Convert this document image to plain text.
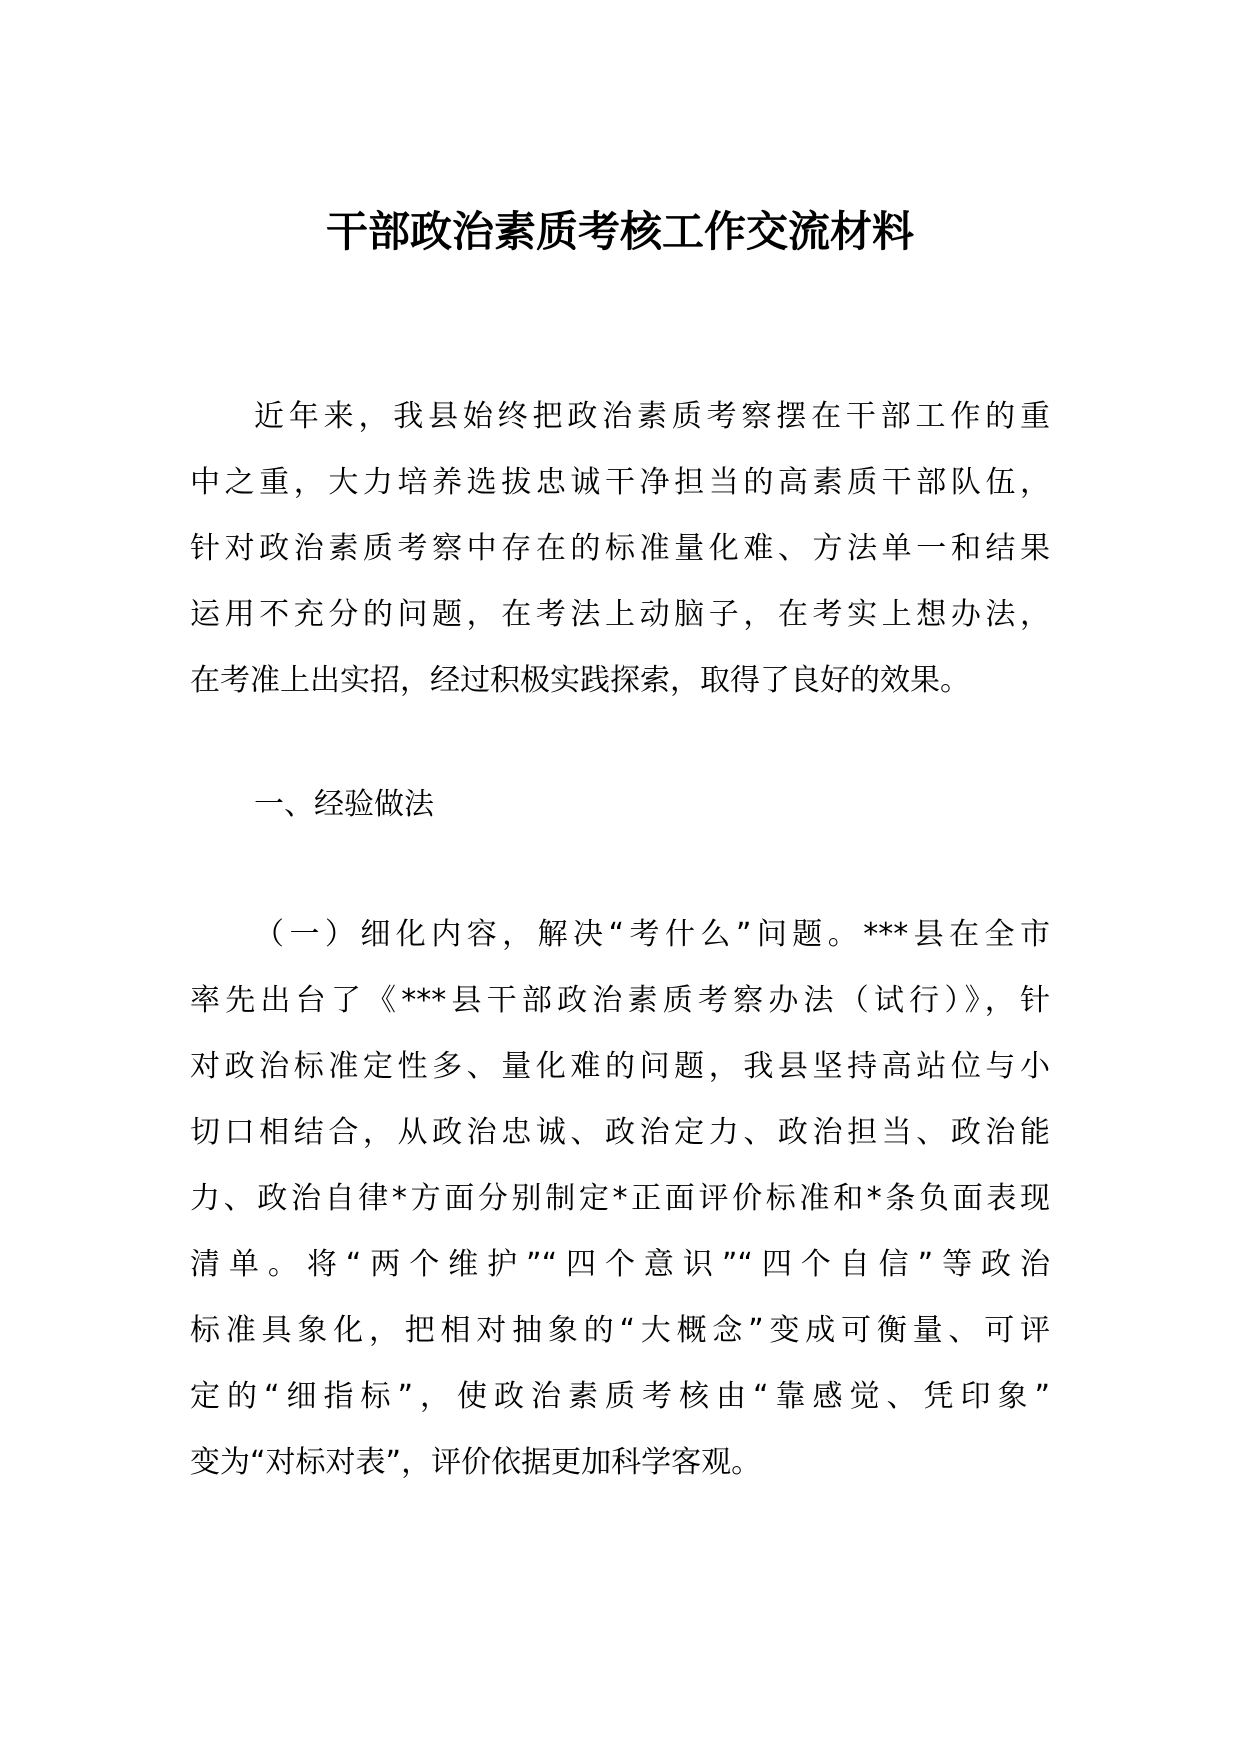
干部政治素质考核工作交流材料
近年来，我县始终把政治素质考察摆在干部工作的重
中之重，大力培养选拔忠诚干净担当的高素质干部队伍，
针对政治素质考察中存在的标准量化难、方法单一和结果
运用不充分的问题，在考法上动脑子，在考实上想办法，
在考准上出实招，经过积极实践探索，取得了良好的效果。
一、经验做法
（一）细化内容，解决“考什么”问题。***县在全市
率先出台了《***县干部政治素质考察办法（试行）》，针
对政治标准定性多、量化难的问题，我县坚持高站位与小
切口相结合，从政治忠诚、政治定力、政治担当、政治能
力、政治自律*方面分别制定*正面评价标准和*条负面表现
清单。将“两个维护”“四个意识”“四个自信”等政治
标准具象化，把相对抽象的“大概念”变成可衡量、可评
定的“细指标”，使政治素质考核由“靠感觉、凭印象”
变为“对标对表”，评价依据更加科学客观。
